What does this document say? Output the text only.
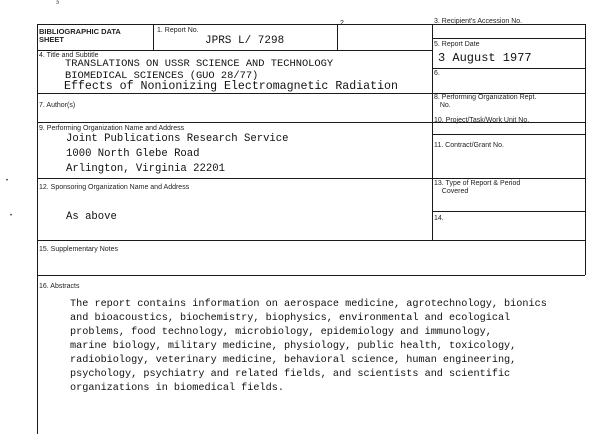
ͽ
•
•
BIBLIOGRAPHIC DATA
SHEET
1. Report No.
JPRS L/ 7298
2.	3. Recipient's Accession No.
4. Title and Subtitle
TRANSLATIONS ON USSR SCIENCE AND TECHNOLOGY
BIOMEDICAL SCIENCES (GUO 28/77)
Effects of Nonionizing Electromagnetic Radiation
5. Report Date
3 August 1977
6.
8. Performing Organization Rept.
No.
10. Project/Task/Work Unit No.
11. Contract/Grant No.
13. Type of Report & Period
Covered
14.
7. Author(s)
9. Performing Organization Name and Address
Joint Publications Research Service
1000 North Glebe Road
Arlington, Virginia 22201
12. Sponsoring Organization Name and Address
As above
15. Supplementary Notes
16. Abstracts
The report contains information on aerospace medicine, agrotechnology, bionics
and bioacoustics, biochemistry, biophysics, environmental and ecological
problems, food technology, microbiology, epidemiology and immunology,
marine biology, military medicine, physiology, public health, toxicology,
radiobiology, veterinary medicine, behavioral science, human engineering,
psychology, psychiatry and related fields, and scientists and scientific
organizations in biomedical fields.
